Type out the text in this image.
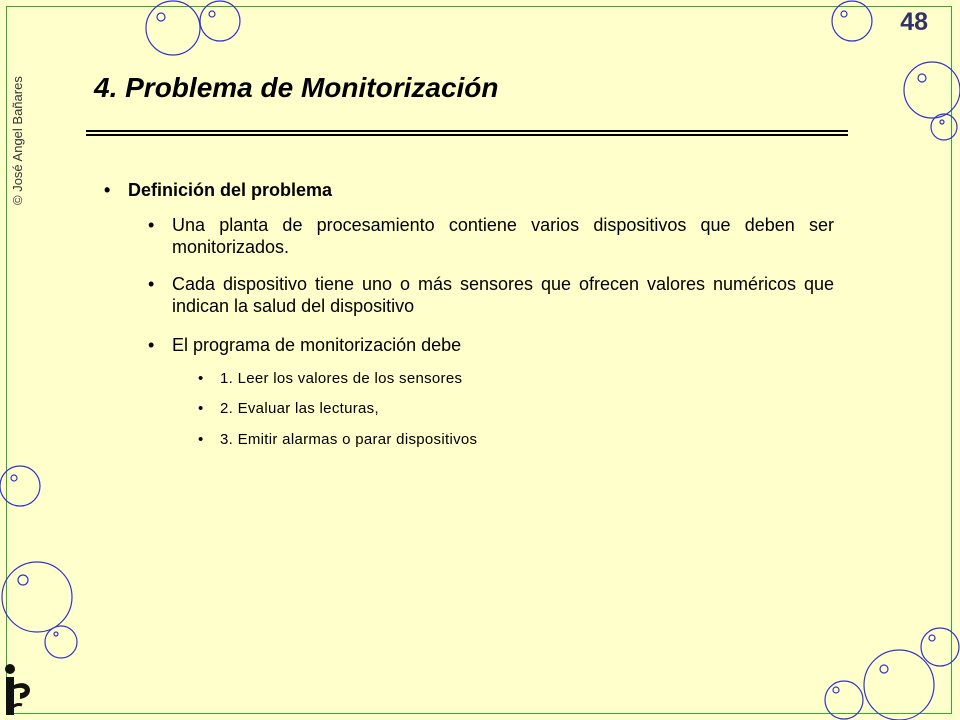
© José Angel Bañares
48
4. Problema de Monitorización
• Definición del problema
• Una planta de procesamiento contiene varios dispositivos que deben ser monitorizados.
• Cada dispositivo tiene uno o más sensores que ofrecen valores numéricos que indican la salud del dispositivo
• El programa de monitorización debe
• 1. Leer los valores de los sensores
• 2. Evaluar las lecturas,
• 3. Emitir alarmas o parar dispositivos
